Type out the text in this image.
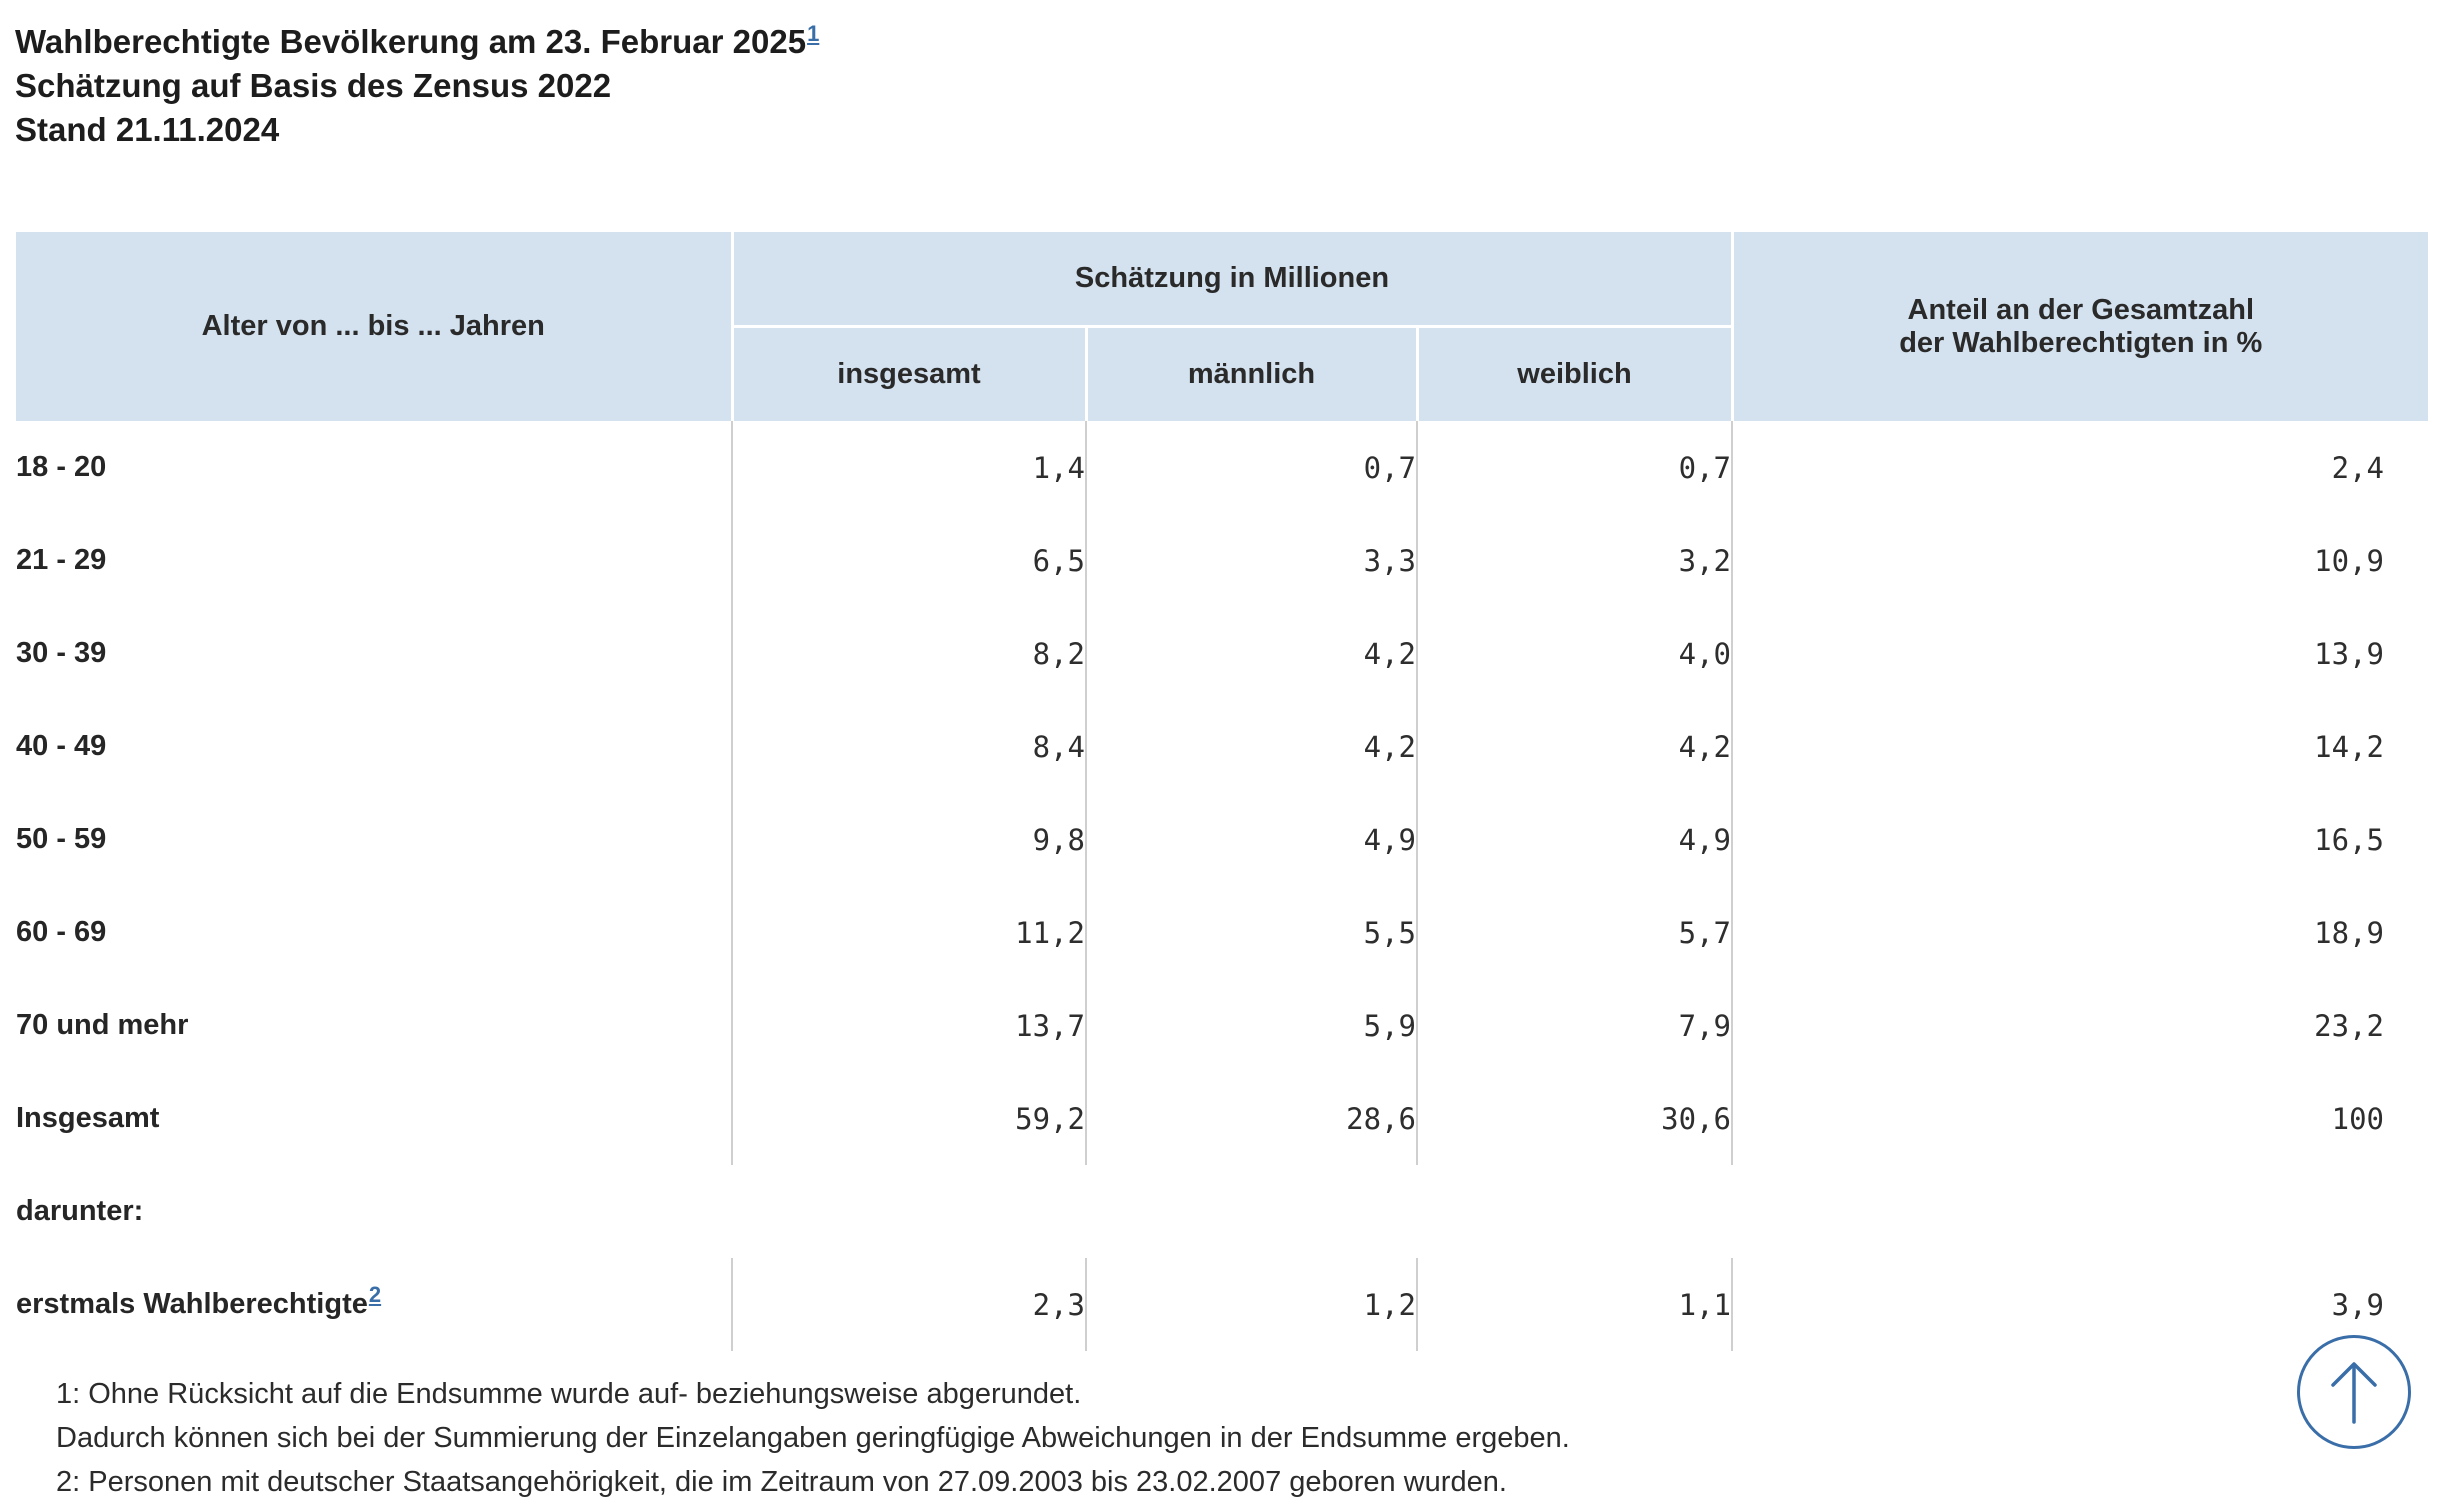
Wahlberechtigte Bevölkerung am 23. Februar 2025$^1$
Schätzung auf Basis des Zensus 2022
Stand 21.11.2024
Alter von ... bis ... Jahren	Schätzung in Millionen			Anteil an der Gesamtzahl
der Wahlberechtigten in %
	insgesamt	männlich	weiblich	
18 - 20	1,4	0,7	0,7	2,4
21 - 29	6,5	3,3	3,2	10,9
30 - 39	8,2	4,2	4,0	13,9
40 - 49	8,4	4,2	4,2	14,2
50 - 59	9,8	4,9	4,9	16,5
60 - 69	11,2	5,5	5,7	18,9
70 und mehr	13,7	5,9	7,9	23,2
Insgesamt	59,2	28,6	30,6	100
darunter:				
erstmals Wahlberechtigte$^2$	2,3	1,2	1,1	3,9
1: Ohne Rücksicht auf die Endsumme wurde auf- beziehungsweise abgerundet.
Dadurch können sich bei der Summierung der Einzelangaben geringfügige Abweichungen in der Endsumme ergeben.
2: Personen mit deutscher Staatsangehörigkeit, die im Zeitraum von 27.09.2003 bis 23.02.2007 geboren wurden.
